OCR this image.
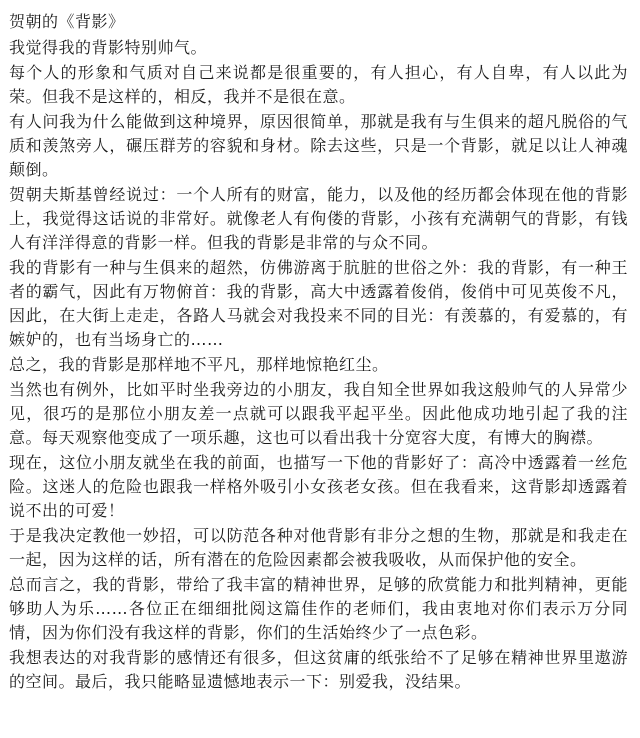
贺朝的《背影》
我觉得我的背影特别帅气。
每个人的形象和气质对自己来说都是很重要的，有人担心，有人自卑，有人以此为荣。但我不是这样的，相反，我并不是很在意。
有人问我为什么能做到这种境界，原因很简单，那就是我有与生俱来的超凡脱俗的气质和羡煞旁人，碾压群芳的容貌和身材。除去这些，只是一个背影，就足以让人神魂颠倒。
贺朝夫斯基曾经说过：一个人所有的财富，能力，以及他的经历都会体现在他的背影上，我觉得这话说的非常好。就像老人有佝偻的背影，小孩有充满朝气的背影，有钱人有洋洋得意的背影一样。但我的背影是非常的与众不同。
我的背影有一种与生俱来的超然，仿佛游离于肮脏的世俗之外：我的背影，有一种王者的霸气，因此有万物俯首：我的背影，高大中透露着俊俏，俊俏中可见英俊不凡，因此，在大街上走走，各路人马就会对我投来不同的目光：有羡慕的，有爱慕的，有嫉妒的，也有当场身亡的……
总之，我的背影是那样地不平凡，那样地惊艳红尘。
当然也有例外，比如平时坐我旁边的小朋友，我自知全世界如我这般帅气的人异常少见，很巧的是那位小朋友差一点就可以跟我平起平坐。因此他成功地引起了我的注意。每天观察他变成了一项乐趣，这也可以看出我十分宽容大度，有博大的胸襟。
现在，这位小朋友就坐在我的前面，也描写一下他的背影好了：高冷中透露着一丝危险。这迷人的危险也跟我一样格外吸引小女孩老女孩。但在我看来，这背影却透露着说不出的可爱！
于是我决定教他一妙招，可以防范各种对他背影有非分之想的生物，那就是和我走在一起，因为这样的话，所有潜在的危险因素都会被我吸收，从而保护他的安全。
总而言之，我的背影，带给了我丰富的精神世界，足够的欣赏能力和批判精神，更能够助人为乐……各位正在细细批阅这篇佳作的老师们，我由衷地对你们表示万分同情，因为你们没有我这样的背影，你们的生活始终少了一点色彩。
我想表达的对我背影的感情还有很多，但这贫庸的纸张给不了足够在精神世界里遨游的空间。最后，我只能略显遗憾地表示一下：别爱我，没结果。
